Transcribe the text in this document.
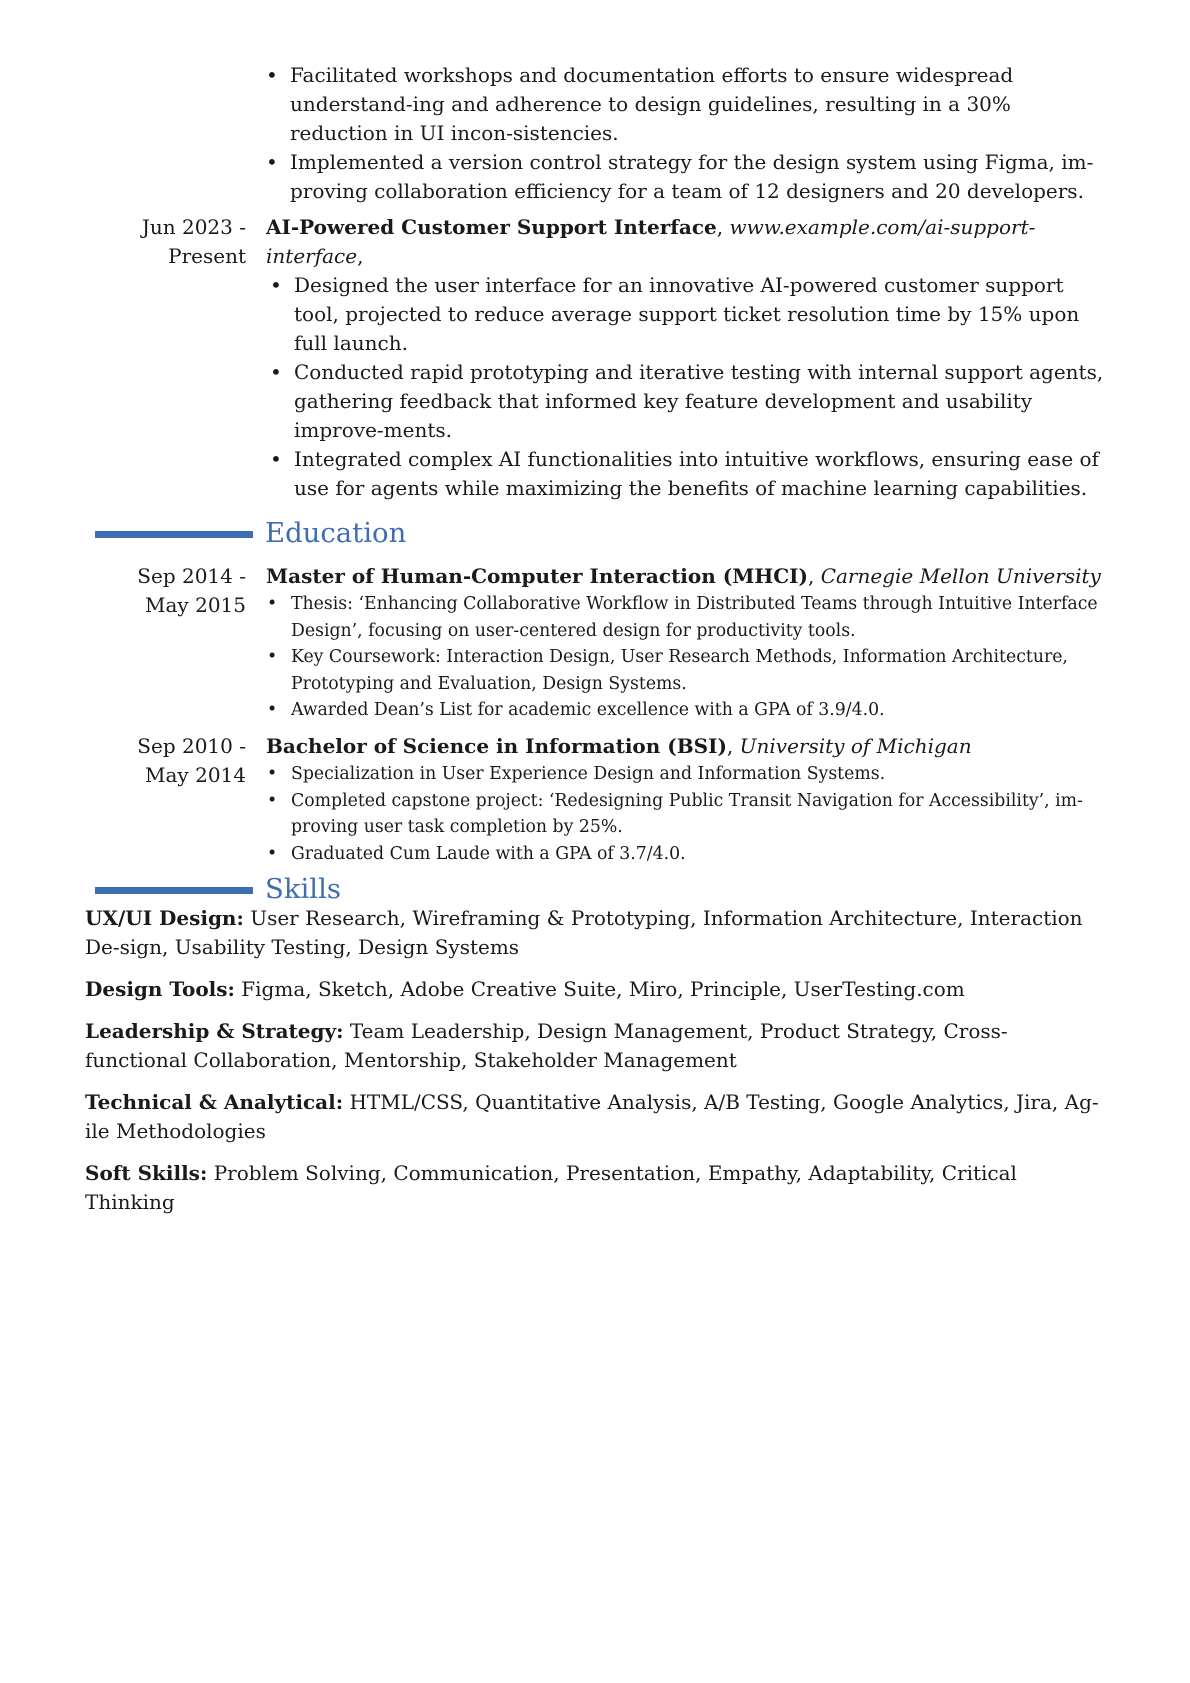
• Facilitated workshops and documentation efforts to ensure widespread understand-ing and adherence to design guidelines, resulting in a 30% reduction in UI incon-sistencies.
• Implemented a version control strategy for the design system using Figma, im-proving collaboration efficiency for a team of 12 designers and 20 developers.
Jun 2023 - Present
AI-Powered Customer Support Interface, www.example.com/ai-support-interface,
• Designed the user interface for an innovative AI-powered customer support tool, projected to reduce average support ticket resolution time by 15% upon full launch.
• Conducted rapid prototyping and iterative testing with internal support agents, gathering feedback that informed key feature development and usability improve-ments.
• Integrated complex AI functionalities into intuitive workflows, ensuring ease of use for agents while maximizing the benefits of machine learning capabilities.
Education
Sep 2014 - May 2015
Master of Human-Computer Interaction (MHCI), Carnegie Mellon University
• Thesis: ‘Enhancing Collaborative Workflow in Distributed Teams through Intuitive Interface Design’, focusing on user-centered design for productivity tools.
• Key Coursework: Interaction Design, User Research Methods, Information Architecture, Prototyping and Evaluation, Design Systems.
• Awarded Dean’s List for academic excellence with a GPA of 3.9/4.0.
Sep 2010 - May 2014
Bachelor of Science in Information (BSI), University of Michigan
• Specialization in User Experience Design and Information Systems.
• Completed capstone project: ‘Redesigning Public Transit Navigation for Accessibility’, im-proving user task completion by 25%.
• Graduated Cum Laude with a GPA of 3.7/4.0.
Skills
UX/UI Design: User Research, Wireframing & Prototyping, Information Architecture, Interaction De-sign, Usability Testing, Design Systems
Design Tools: Figma, Sketch, Adobe Creative Suite, Miro, Principle, UserTesting.com
Leadership & Strategy: Team Leadership, Design Management, Product Strategy, Cross-functional Collaboration, Mentorship, Stakeholder Management
Technical & Analytical: HTML/CSS, Quantitative Analysis, A/B Testing, Google Analytics, Jira, Ag-ile Methodologies
Soft Skills: Problem Solving, Communication, Presentation, Empathy, Adaptability, Critical Thinking
